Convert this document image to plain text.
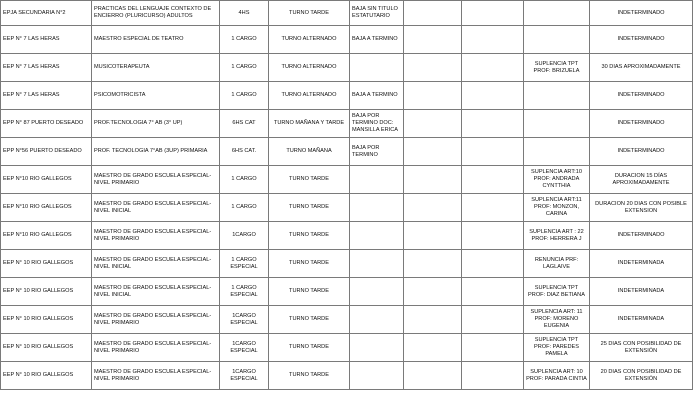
EPJA SECUNDARIA N°2	PRACTICAS DEL LENGUAJE CONTEXTO DE ENCIERRO (PLURICURSO) ADULTOS	4HS	TURNO TARDE	BAJA SIN TITULO ESTATUTARIO				INDETERMINADO
EEP N° 7 LAS HERAS	MAESTRO ESPECIAL DE TEATRO	1 CARGO	TURNO ALTERNADO	BAJA A TERMINO				INDETERMINADO
EEP N° 7 LAS HERAS	MUSICOTERAPEUTA	1 CARGO	TURNO ALTERNADO				SUPLENCIA TPT PROF: BRIZUELA	30 DIAS APROXIMADAMENTE
EEP N° 7 LAS HERAS	PSICOMOTRICISTA	1 CARGO	TURNO ALTERNADO	BAJA A TERMINO				INDETERMINADO
EPP N° 87 PUERTO DESEADO	PROF.TECNOLOGIA 7° AB (3° UP)	6HS CAT	TURNO MAÑANA Y TARDE	BAJA POR TERMINO DOC: MANSILLA ERICA				INDETERMINADO
EPP N°56 PUERTO DESEADO	PROF. TECNOLOGIA 7°AB (3UP) PRIMARIA	6HS CAT.	TURNO MAÑANA	BAJA POR TERMINO				INDETERMINADO
EEP N°10 RIO GALLEGOS	MAESTRO DE GRADO ESCUELA ESPECIAL- NIVEL PRIMARIO	1 CARGO	TURNO TARDE				SUPLENCIA ART:10 PROF: ANDRADA CYNTTHIA	DURACION 15 DÍAS APROXIMADAMENTE
EEP N°10 RIO GALLEGOS	MAESTRO DE GRADO ESCUELA ESPECIAL- NIVEL INICIAL	1 CARGO	TURNO TARDE				SUPLENCIA ART:11 PROF: MONZON, CARINA	DURACION 20 DIAS CON POSIBLE EXTENSION
EEP N°10 RIO GALLEGOS	MAESTRO DE GRADO ESCUELA ESPECIAL- NIVEL PRIMARIO	1CARGO	TURNO TARDE				SUPLENCIA ART : 22 PROF: HERRERA J	INDETERMINADO
EEP N° 10 RIO GALLEGOS	MAESTRO DE GRADO ESCUELA ESPECIAL- NIVEL INICIAL	1 CARGO ESPECIAL	TURNO TARDE				RENUNCIA PRF: LAGLAIVE	INDETERMINADA
EEP N° 10 RIO GALLEGOS	MAESTRO DE GRADO ESCUELA ESPECIAL- NIVEL INICIAL	1 CARGO ESPECIAL	TURNO TARDE				SUPLENCIA TPT PROF: DIAZ BETIANA	INDETERMINADA
EEP N° 10 RIO GALLEGOS	MAESTRO DE GRADO ESCUELA ESPECIAL- NIVEL PRIMARIO	1CARGO ESPECIAL	TURNO TARDE				SUPLENCIA ART: 11 PROF: MORENO EUGENIA	INDETERMINADA
EEP N° 10 RIO GALLEGOS	MAESTRO DE GRADO ESCUELA ESPECIAL- NIVEL PRIMARIO	1CARGO ESPECIAL	TURNO TARDE				SUPLENCIA TPT PROF: PAREDES PAMELA	25 DIAS CON POSIBILIDAD DE EXTENSIÓN
EEP N° 10 RIO GALLEGOS	MAESTRO DE GRADO ESCUELA ESPECIAL- NIVEL PRIMARIO	1CARGO ESPECIAL	TURNO TARDE				SUPLENCIA ART: 10 PROF: PARADA CINTIA	20 DIAS CON POSIBILIDAD DE EXTENSIÓN
